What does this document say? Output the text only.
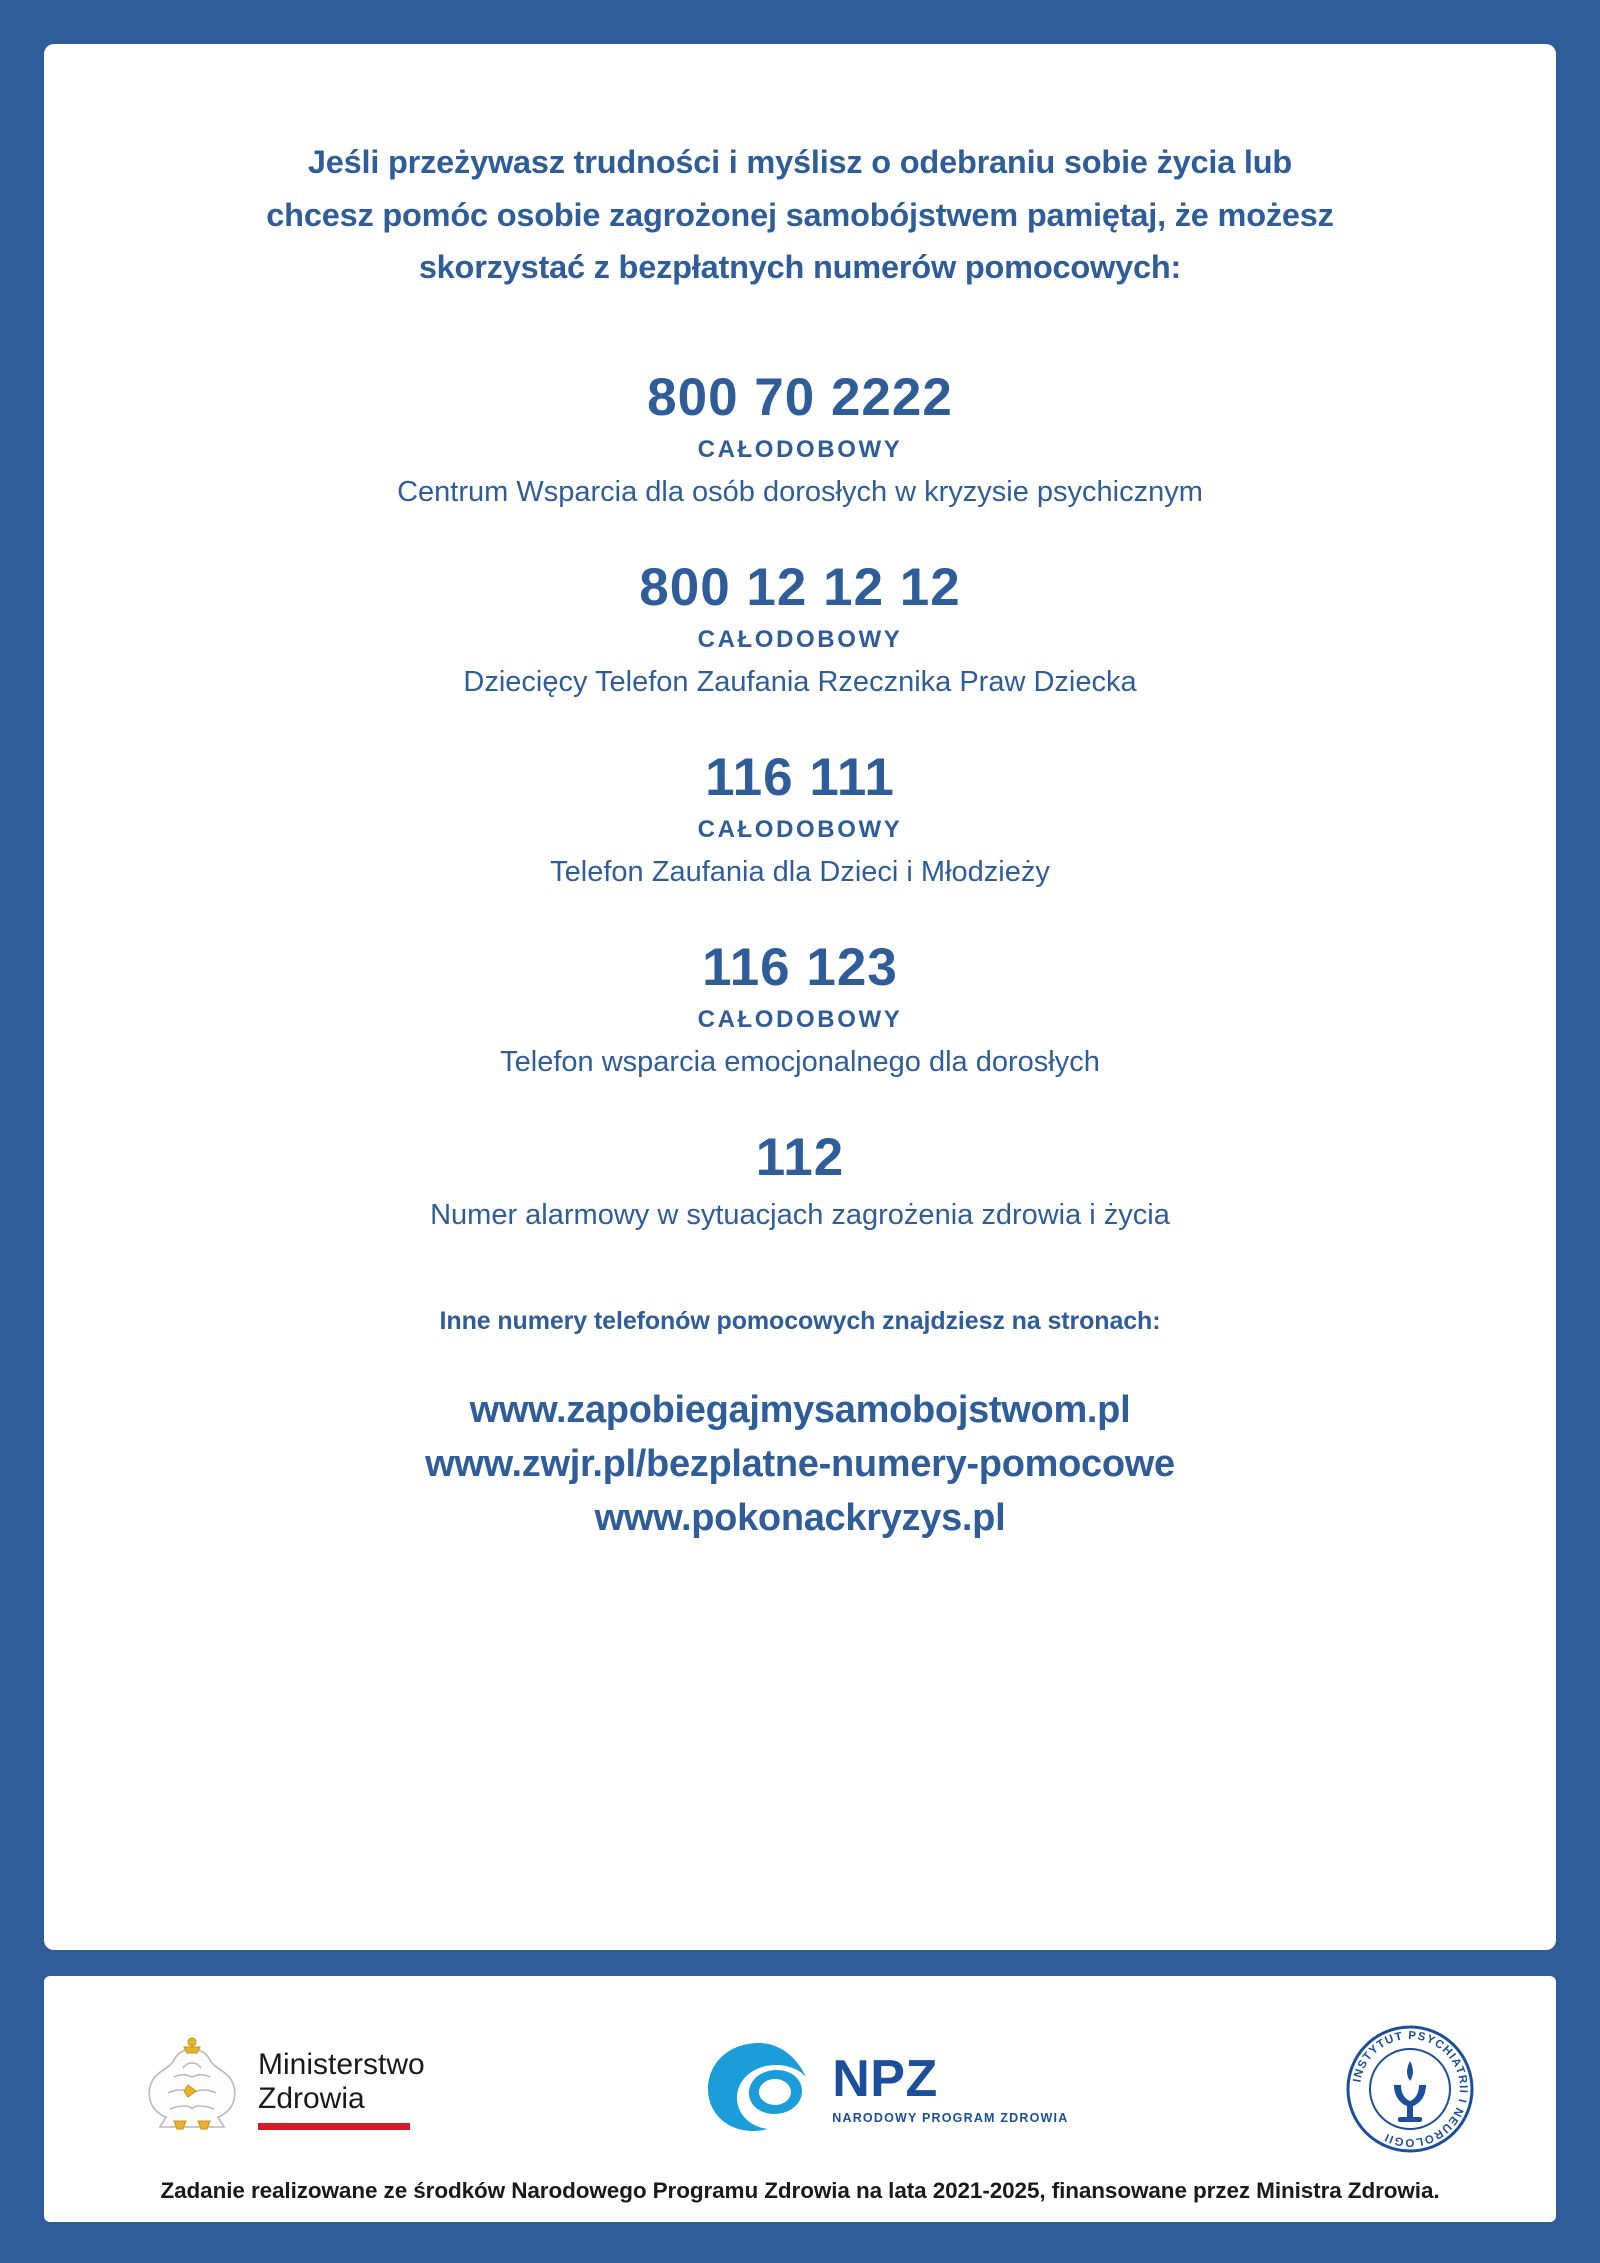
Jeśli przeżywasz trudności i myślisz o odebraniu sobie życia lub
chcesz pomóc osobie zagrożonej samobójstwem pamiętaj, że możesz
skorzystać z bezpłatnych numerów pomocowych:
800 70 2222
CAŁODOBOWY
Centrum Wsparcia dla osób dorosłych w kryzysie psychicznym
800 12 12 12
CAŁODOBOWY
Dziecięcy Telefon Zaufania Rzecznika Praw Dziecka
116 111
CAŁODOBOWY
Telefon Zaufania dla Dzieci i Młodzieży
116 123
CAŁODOBOWY
Telefon wsparcia emocjonalnego dla dorosłych
112
Numer alarmowy w sytuacjach zagrożenia zdrowia i życia
Inne numery telefonów pomocowych znajdziesz na stronach:
www.zapobiegajmysamobojstwom.pl
www.zwjr.pl/bezplatne-numery-pomocowe
www.pokonackryzys.pl
Ministerstwo
Zdrowia	NPZ
NARODOWY PROGRAM ZDROWIA
INSTYTUT PSYCHIATRII I NEUROLOGII
Zadanie realizowane ze środków Narodowego Programu Zdrowia na lata 2021-2025, finansowane przez Ministra Zdrowia.
